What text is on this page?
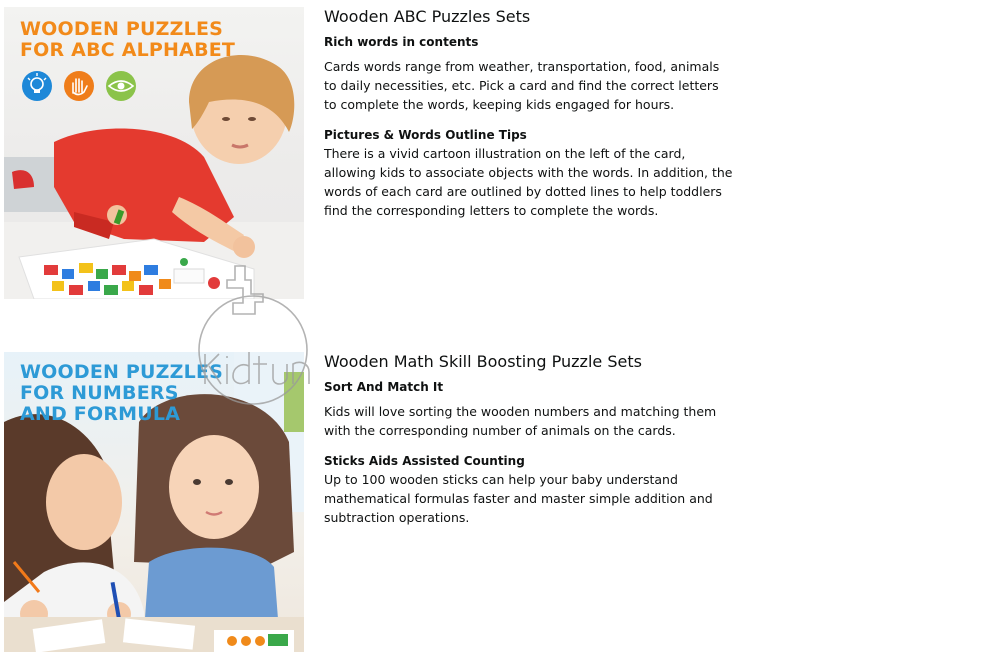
WOODEN PUZZLES
FOR ABC ALPHABET
Wooden ABC Puzzles Sets
Rich words in contents

Cards words range from weather, transportation, food, animals to daily necessities, etc. Pick a card and find the correct letters to complete the words, keeping kids engaged for hours.

Pictures & Words Outline Tips

There is a vivid cartoon illustration on the left of the card, allowing kids to associate objects with the words. In addition, the words of each card are outlined by dotted lines to help toddlers find the corresponding letters to complete the words.

WOODEN PUZZLES
FOR NUMBERS
AND FORMULA
Wooden Math Skill Boosting Puzzle Sets
Sort And Match It

Kids will love sorting the wooden numbers and matching them with the corresponding number of animals on the cards.

Sticks Aids Assisted Counting

Up to 100 wooden sticks can help your baby understand mathematical formulas faster and master simple addition and subtraction operations.
